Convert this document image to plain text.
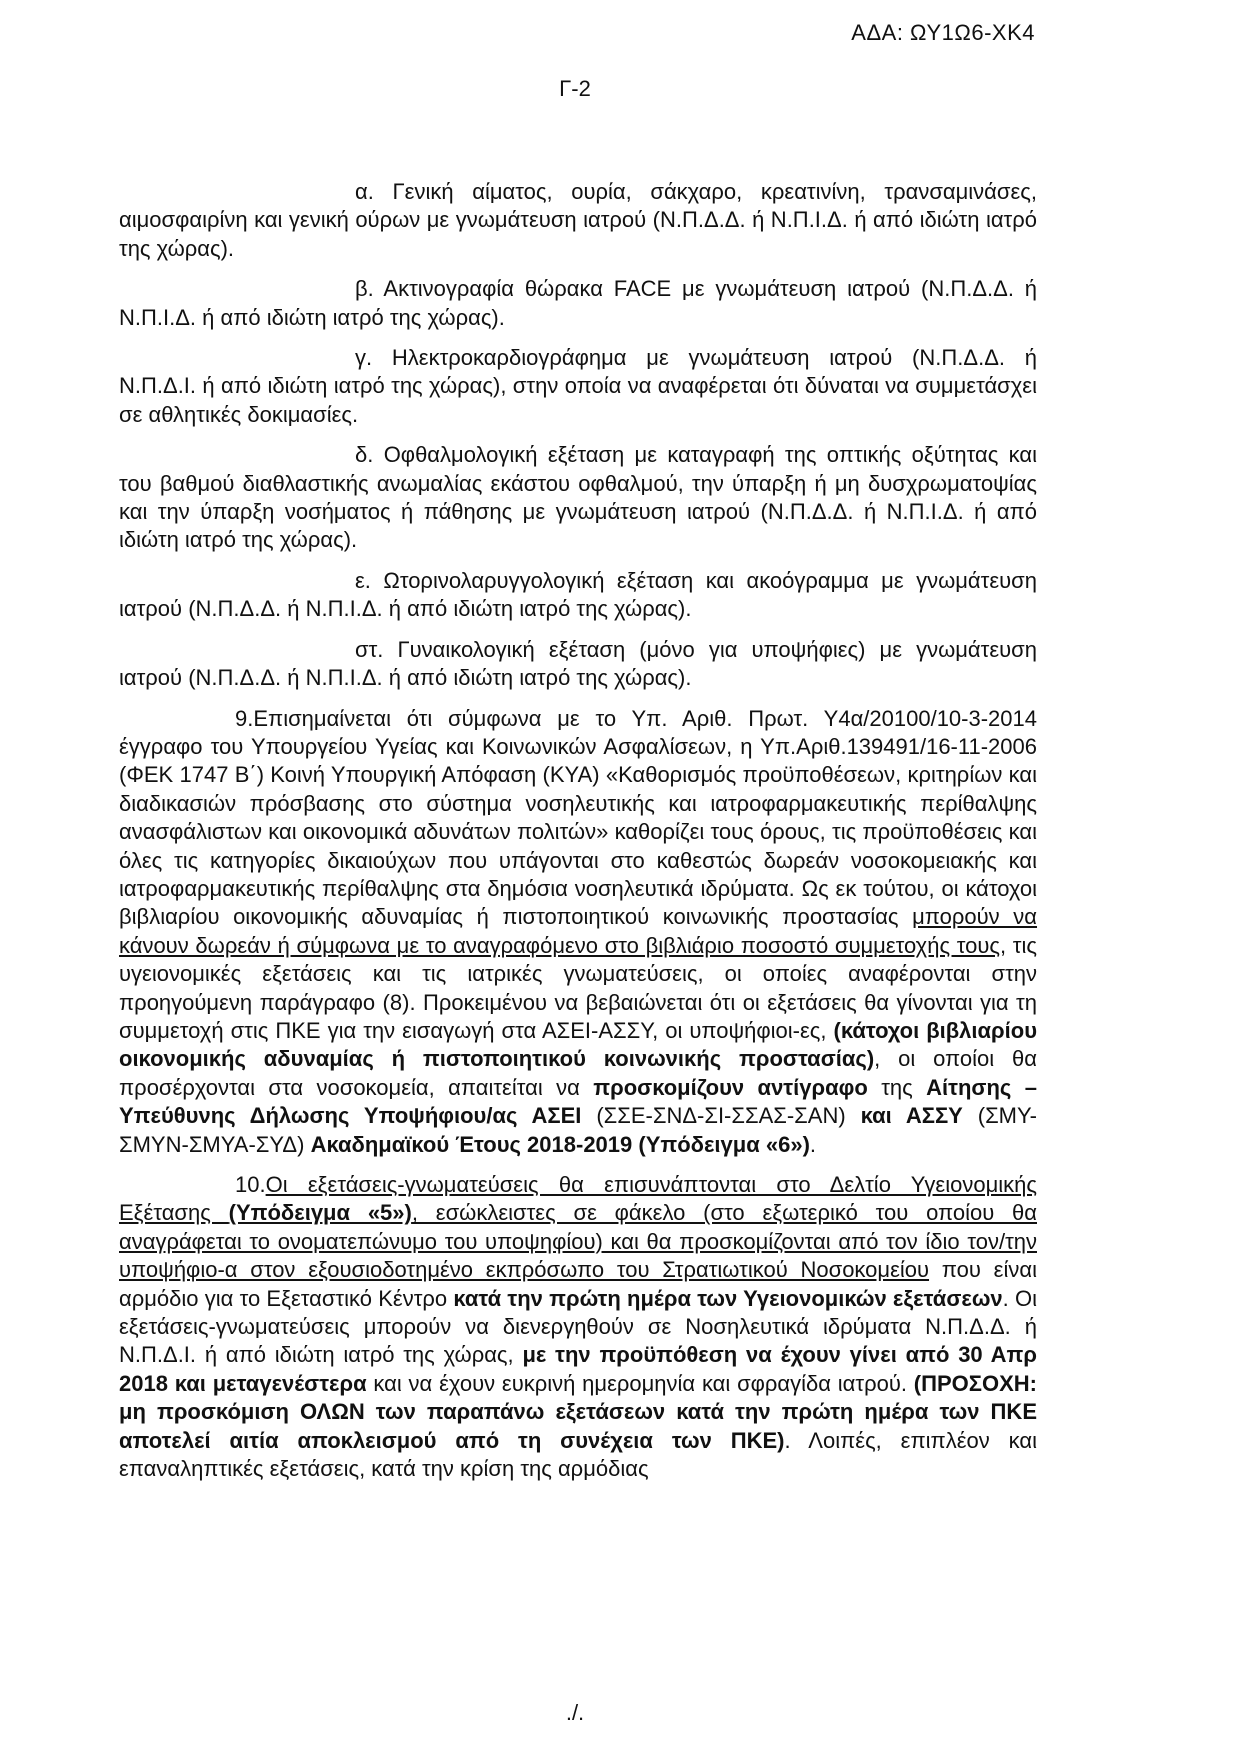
ΑΔΑ: ΩΥ1Ω6-ΧΚ4
Γ-2

α. Γενική αίματος, ουρία, σάκχαρο, κρεατινίνη, τρανσαμινάσες, αιμοσφαιρίνη και γενική ούρων με γνωμάτευση ιατρού (Ν.Π.Δ.Δ. ή Ν.Π.Ι.Δ. ή από ιδιώτη ιατρό της χώρας).

β. Ακτινογραφία θώρακα FACE με γνωμάτευση ιατρού (Ν.Π.Δ.Δ. ή Ν.Π.Ι.Δ. ή από ιδιώτη ιατρό της χώρας).

γ. Ηλεκτροκαρδιογράφημα με γνωμάτευση ιατρού (Ν.Π.Δ.Δ. ή Ν.Π.Δ.Ι. ή από ιδιώτη ιατρό της χώρας), στην οποία να αναφέρεται ότι δύναται να συμμετάσχει σε αθλητικές δοκιμασίες.

δ. Οφθαλμολογική εξέταση με καταγραφή της οπτικής οξύτητας και του βαθμού διαθλαστικής ανωμαλίας εκάστου οφθαλμού, την ύπαρξη ή μη δυσχρωματοψίας και την ύπαρξη νοσήματος ή πάθησης με γνωμάτευση ιατρού (Ν.Π.Δ.Δ. ή Ν.Π.Ι.Δ. ή από ιδιώτη ιατρό της χώρας).

ε. Ωτορινολαρυγγολογική εξέταση και ακοόγραμμα με γνωμάτευση ιατρού (Ν.Π.Δ.Δ. ή Ν.Π.Ι.Δ. ή από ιδιώτη ιατρό της χώρας).

στ. Γυναικολογική εξέταση (μόνο για υποψήφιες) με γνωμάτευση ιατρού (Ν.Π.Δ.Δ. ή Ν.Π.Ι.Δ. ή από ιδιώτη ιατρό της χώρας).

9.Επισημαίνεται ότι σύμφωνα με το Υπ. Αριθ. Πρωτ. Υ4α/20100/10-3-2014 έγγραφο του Υπουργείου Υγείας και Κοινωνικών Ασφαλίσεων, η Υπ.Αριθ.139491/16-11-2006 (ΦΕΚ 1747 Β΄) Κοινή Υπουργική Απόφαση (ΚΥΑ) «Καθορισμός προϋποθέσεων, κριτηρίων και διαδικασιών πρόσβασης στο σύστημα νοσηλευτικής και ιατροφαρμακευτικής περίθαλψης ανασφάλιστων και οικονομικά αδυνάτων πολιτών» καθορίζει τους όρους, τις προϋποθέσεις και όλες τις κατηγορίες δικαιούχων που υπάγονται στο καθεστώς δωρεάν νοσοκομειακής και ιατροφαρμακευτικής περίθαλψης στα δημόσια νοσηλευτικά ιδρύματα. Ως εκ τούτου, οι κάτοχοι βιβλιαρίου οικονομικής αδυναμίας ή πιστοποιητικού κοινωνικής προστασίας μπορούν να κάνουν δωρεάν ή σύμφωνα με το αναγραφόμενο στο βιβλιάριο ποσοστό συμμετοχής τους, τις υγειονομικές εξετάσεις και τις ιατρικές γνωματεύσεις, οι οποίες αναφέρονται στην προηγούμενη παράγραφο (8). Προκειμένου να βεβαιώνεται ότι οι εξετάσεις θα γίνονται για τη συμμετοχή στις ΠΚΕ για την εισαγωγή στα ΑΣΕΙ-ΑΣΣΥ, οι υποψήφιοι-ες, (κάτοχοι βιβλιαρίου οικονομικής αδυναμίας ή πιστοποιητικού κοινωνικής προστασίας), οι οποίοι θα προσέρχονται στα νοσοκομεία, απαιτείται να προσκομίζουν αντίγραφο της Αίτησης –Υπεύθυνης Δήλωσης Υποψήφιου/ας ΑΣΕΙ (ΣΣΕ-ΣΝΔ-ΣΙ-ΣΣΑΣ-ΣΑΝ) και ΑΣΣΥ (ΣΜΥ-ΣΜΥΝ-ΣΜΥΑ-ΣΥΔ) Ακαδημαϊκού Έτους 2018-2019 (Υπόδειγμα «6»).

10.Οι εξετάσεις-γνωματεύσεις θα επισυνάπτονται στο Δελτίο Υγειονομικής Εξέτασης (Υπόδειγμα «5»), εσώκλειστες σε φάκελο (στο εξωτερικό του οποίου θα αναγράφεται το ονοματεπώνυμο του υποψηφίου) και θα προσκομίζονται από τον ίδιο τον/την υποψήφιο-α στον εξουσιοδοτημένο εκπρόσωπο του Στρατιωτικού Νοσοκομείου που είναι αρμόδιο για το Εξεταστικό Κέντρο κατά την πρώτη ημέρα των Υγειονομικών εξετάσεων. Οι εξετάσεις-γνωματεύσεις μπορούν να διενεργηθούν σε Νοσηλευτικά ιδρύματα Ν.Π.Δ.Δ. ή Ν.Π.Δ.Ι. ή από ιδιώτη ιατρό της χώρας, με την προϋπόθεση να έχουν γίνει από 30 Απρ 2018 και μεταγενέστερα και να έχουν ευκρινή ημερομηνία και σφραγίδα ιατρού. (ΠΡΟΣΟΧΗ: μη προσκόμιση ΟΛΩΝ των παραπάνω εξετάσεων κατά την πρώτη ημέρα των ΠΚΕ αποτελεί αιτία αποκλεισμού από τη συνέχεια των ΠΚΕ). Λοιπές, επιπλέον και επαναληπτικές εξετάσεις, κατά την κρίση της αρμόδιας

./.
